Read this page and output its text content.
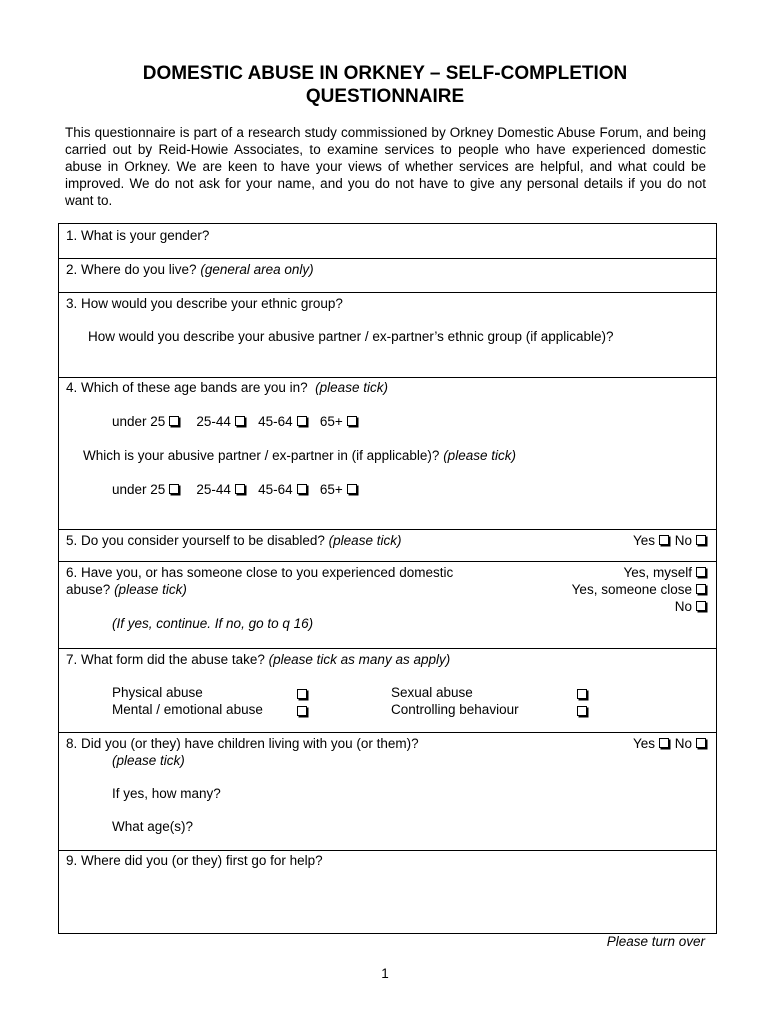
DOMESTIC ABUSE IN ORKNEY – SELF-COMPLETION
QUESTIONNAIRE
This questionnaire is part of a research study commissioned by Orkney Domestic Abuse Forum, and being carried out by Reid-Howie Associates, to examine services to people who have experienced domestic abuse in Orkney. We are keen to have your views of whether services are helpful, and what could be improved. We do not ask for your name, and you do not have to give any personal details if you do not want to.
1. What is your gender?
2. Where do you live? (general area only)
3. How would you describe your ethnic group?
How would you describe your abusive partner / ex-partner’s ethnic group (if applicable)?
4. Which of these age bands are you in? (please tick)
under 25 25-44 45-64 65+
Which is your abusive partner / ex-partner in (if applicable)? (please tick)
under 25 25-44 45-64 65+
5. Do you consider yourself to be disabled? (please tick)	Yes No
6. Have you, or has someone close to you experienced domestic
abuse? (please tick)
Yes, myself
Yes, someone close
No
(If yes, continue. If no, go to q 16)
7. What form did the abuse take? (please tick as many as apply)
Physical abuse
Mental / emotional abuse
Sexual abuse
Controlling behaviour
8. Did you (or they) have children living with you (or them)?
(please tick)
Yes No
If yes, how many?
What age(s)?
9. Where did you (or they) first go for help?
Please turn over
1
